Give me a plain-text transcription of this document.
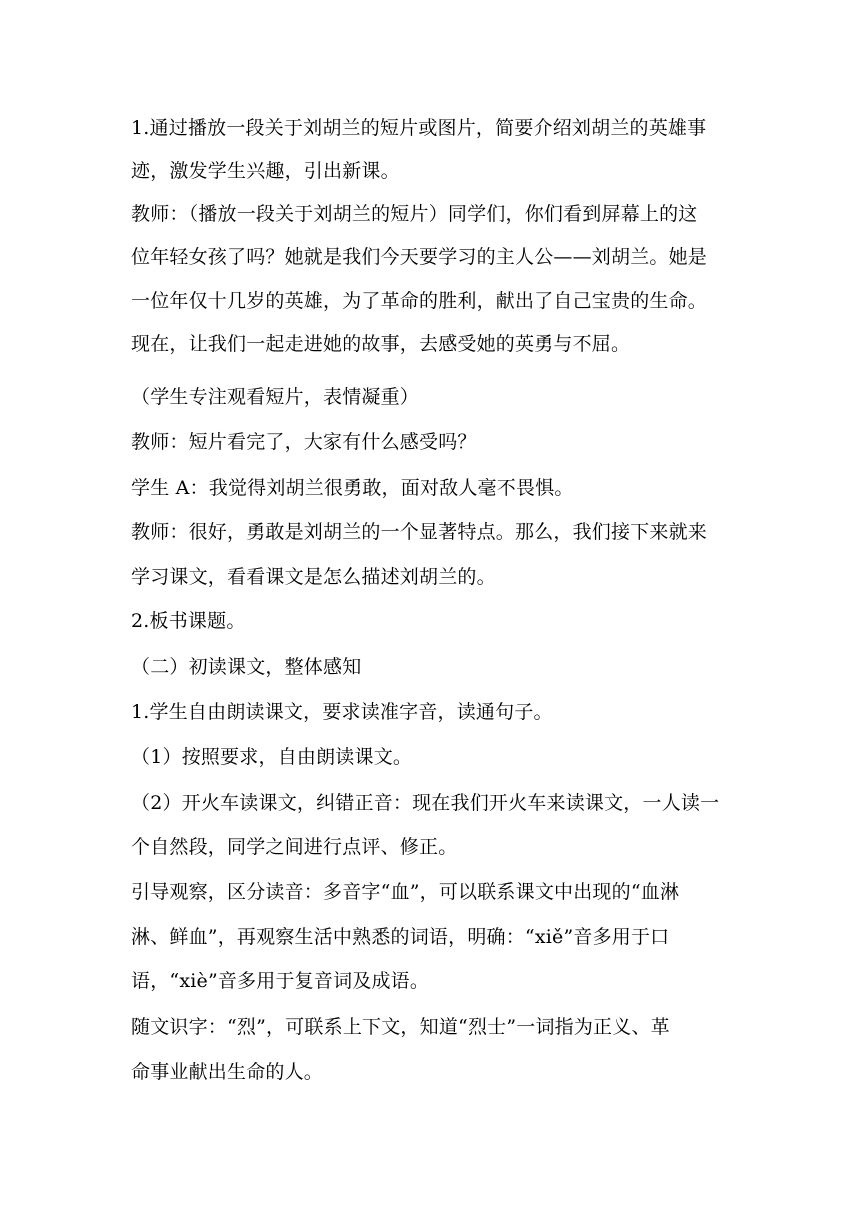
1.通过播放一段关于刘胡兰的短片或图片，简要介绍刘胡兰的英雄事
迹，激发学生兴趣，引出新课。
教师：（播放一段关于刘胡兰的短片）同学们，你们看到屏幕上的这
位年轻女孩了吗？她就是我们今天要学习的主人公——刘胡兰。她是
一位年仅十几岁的英雄，为了革命的胜利，献出了自己宝贵的生命。
现在，让我们一起走进她的故事，去感受她的英勇与不屈。
（学生专注观看短片，表情凝重）
教师：短片看完了，大家有什么感受吗？
学生 A：我觉得刘胡兰很勇敢，面对敌人毫不畏惧。
教师：很好，勇敢是刘胡兰的一个显著特点。那么，我们接下来就来
学习课文，看看课文是怎么描述刘胡兰的。
2.板书课题。
（二）初读课文，整体感知
1.学生自由朗读课文，要求读准字音，读通句子。
（1）按照要求，自由朗读课文。
（2）开火车读课文，纠错正音：现在我们开火车来读课文，一人读一
个自然段，同学之间进行点评、修正。
引导观察，区分读音：多音字“血”，可以联系课文中出现的“血淋
淋、鲜血”，再观察生活中熟悉的词语，明确：“xiě”音多用于口
语，“xiè”音多用于复音词及成语。
随文识字：“烈”，可联系上下文，知道“烈士”一词指为正义、革
命事业献出生命的人。
